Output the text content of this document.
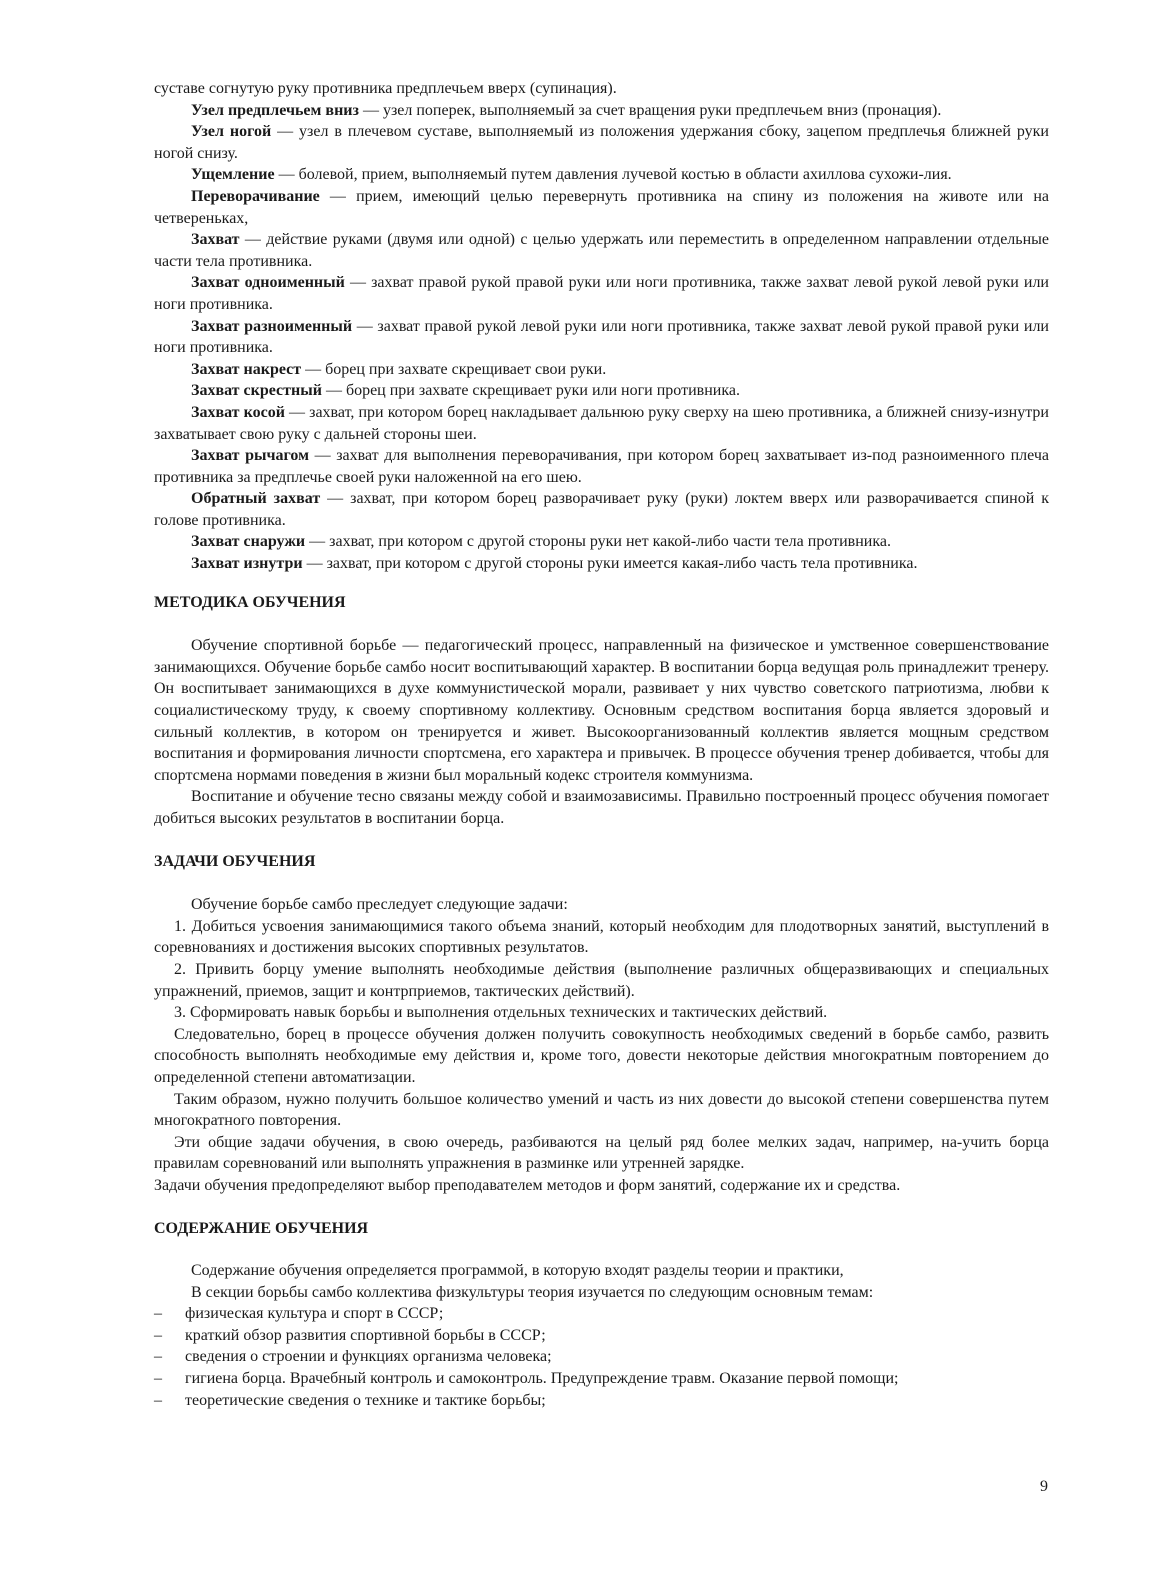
суставе согнутую руку противника предплечьем вверх (супинация).

Узел предплечьем вниз — узел поперек, выполняемый за счет вращения руки предплечьем вниз (пронация).

Узел ногой — узел в плечевом суставе, выполняемый из положения удержания сбоку, зацепом предплечья ближней руки ногой снизу.

Ущемление — болевой, прием, выполняемый путем давления лучевой костью в области ахиллова сухожи-лия.

Переворачивание — прием, имеющий целью перевернуть противника на спину из положения на животе или на четвереньках,

Захват — действие руками (двумя или одной) с целью удержать или переместить в определенном направлении отдельные части тела противника.

Захват одноименный — захват правой рукой правой руки или ноги противника, также захват левой рукой левой руки или ноги противника.

Захват разноименный — захват правой рукой левой руки или ноги противника, также захват левой рукой правой руки или ноги противника.

Захват накрест — борец при захвате скрещивает свои руки.

Захват скрестный — борец при захвате скрещивает руки или ноги противника.

Захват косой — захват, при котором борец накладывает дальнюю руку сверху на шею противника, а ближней снизу-изнутри захватывает свою руку с дальней стороны шеи.

Захват рычагом — захват для выполнения переворачивания, при котором борец захватывает из-под разноименного плеча противника за предплечье своей руки наложенной на его шею.

Обратный захват — захват, при котором борец разворачивает руку (руки) локтем вверх или разворачивается спиной к голове противника.

Захват снаружи — захват, при котором с другой стороны руки нет какой-либо части тела противника.

Захват изнутри — захват, при котором с другой стороны руки имеется какая-либо часть тела противника.

МЕТОДИКА ОБУЧЕНИЯ

Обучение спортивной борьбе — педагогический процесс, направленный на физическое и умственное совершенствование занимающихся. Обучение борьбе самбо носит воспитывающий характер. В воспитании борца ведущая роль принадлежит тренеру. Он воспитывает занимающихся в духе коммунистической морали, развивает у них чувство советского патриотизма, любви к социалистическому труду, к своему спортивному коллективу. Основным средством воспитания борца является здоровый и сильный коллектив, в котором он тренируется и живет. Высокоорганизованный коллектив является мощным средством воспитания и формирования личности спортсмена, его характера и привычек. В процессе обучения тренер добивается, чтобы для спортсмена нормами поведения в жизни был моральный кодекс строителя коммунизма.

Воспитание и обучение тесно связаны между собой и взаимозависимы. Правильно построенный процесс обучения помогает добиться высоких результатов в воспитании борца.

ЗАДАЧИ ОБУЧЕНИЯ

Обучение борьбе самбо преследует следующие задачи:

1. Добиться усвоения занимающимися такого объема знаний, который необходим для плодотворных занятий, выступлений в соревнованиях и достижения высоких спортивных результатов.

2. Привить борцу умение выполнять необходимые действия (выполнение различных общеразвивающих и специальных упражнений, приемов, защит и контрприемов, тактических действий).

3. Сформировать навык борьбы и выполнения отдельных технических и тактических действий.

Следовательно, борец в процессе обучения должен получить совокупность необходимых сведений в борьбе самбо, развить способность выполнять необходимые ему действия и, кроме того, довести некоторые действия многократным повторением до определенной степени автоматизации.

Таким образом, нужно получить большое количество умений и часть из них довести до высокой степени совершенства путем многократного повторения.

Эти общие задачи обучения, в свою очередь, разбиваются на целый ряд более мелких задач, например, на-учить борца правилам соревнований или выполнять упражнения в разминке или утренней зарядке.

Задачи обучения предопределяют выбор преподавателем методов и форм занятий, содержание их и средства.

СОДЕРЖАНИЕ ОБУЧЕНИЯ

Содержание обучения определяется программой, в которую входят разделы теории и практики,

В секции борьбы самбо коллектива физкультуры теория изучается по следующим основным темам:

– физическая культура и спорт в СССР;
– краткий обзор развития спортивной борьбы в СССР;
– сведения о строении и функциях организма человека;
– гигиена борца. Врачебный контроль и самоконтроль. Предупреждение травм. Оказание первой помощи;
– теоретические сведения о технике и тактике борьбы;
9
